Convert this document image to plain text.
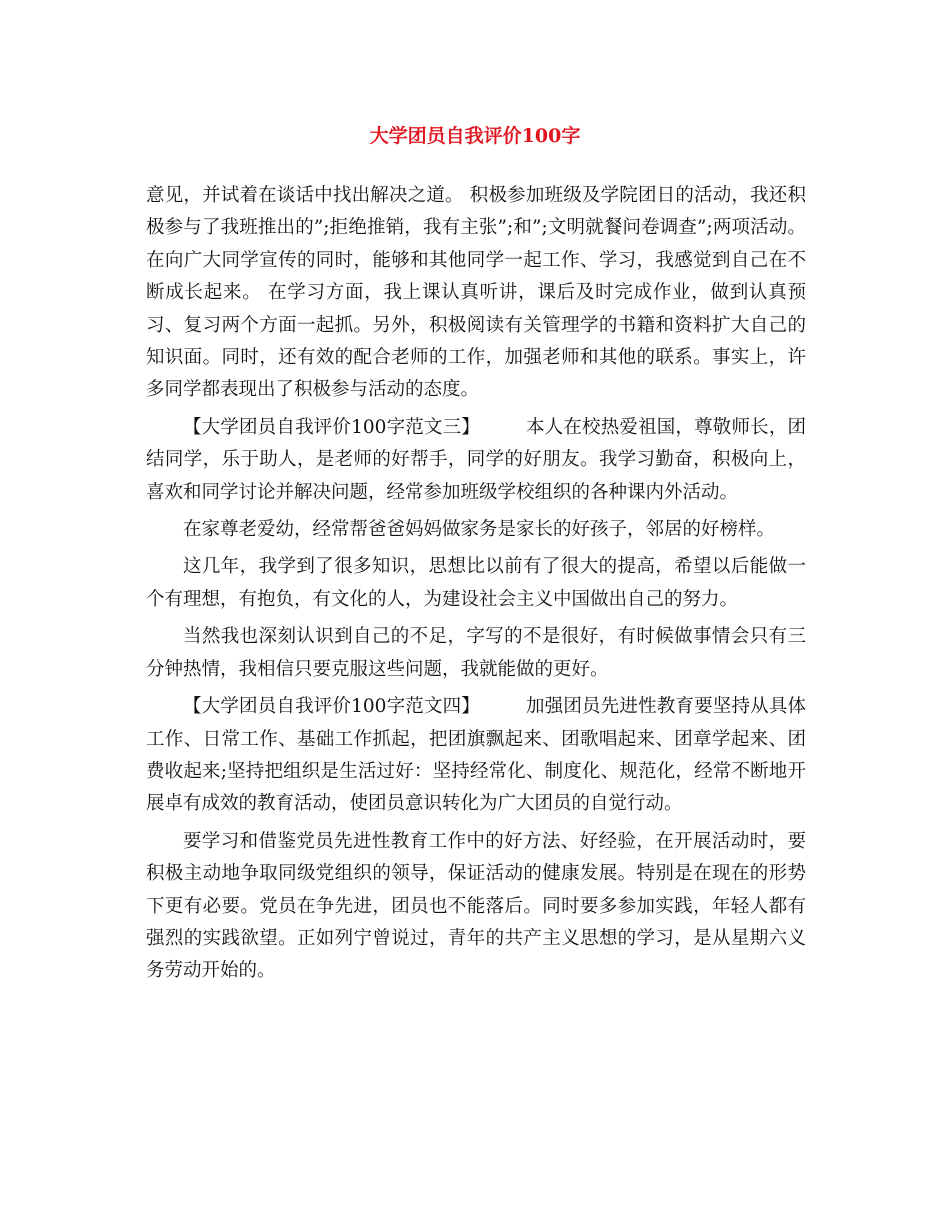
大学团员自我评价100字

意见，并试着在谈话中找出解决之道。 积极参加班级及学院团日的活动，我还积极参与了我班推出的”;拒绝推销，我有主张”;和”;文明就餐问卷调查”;两项活动。在向广大同学宣传的同时，能够和其他同学一起工作、学习，我感觉到自己在不断成长起来。 在学习方面，我上课认真听讲，课后及时完成作业，做到认真预习、复习两个方面一起抓。另外，积极阅读有关管理学的书籍和资料扩大自己的知识面。同时，还有效的配合老师的工作，加强老师和其他的联系。事实上，许多同学都表现出了积极参与活动的态度。

【大学团员自我评价100字范文三】 本人在校热爱祖国，尊敬师长，团结同学，乐于助人，是老师的好帮手，同学的好朋友。我学习勤奋，积极向上，喜欢和同学讨论并解决问题，经常参加班级学校组织的各种课内外活动。

在家尊老爱幼，经常帮爸爸妈妈做家务是家长的好孩子，邻居的好榜样。

这几年，我学到了很多知识，思想比以前有了很大的提高，希望以后能做一个有理想，有抱负，有文化的人，为建设社会主义中国做出自己的努力。

当然我也深刻认识到自己的不足，字写的不是很好，有时候做事情会只有三分钟热情，我相信只要克服这些问题，我就能做的更好。

【大学团员自我评价100字范文四】 加强团员先进性教育要坚持从具体工作、日常工作、基础工作抓起，把团旗飘起来、团歌唱起来、团章学起来、团费收起来;坚持把组织是生活过好：坚持经常化、制度化、规范化，经常不断地开展卓有成效的教育活动，使团员意识转化为广大团员的自觉行动。

要学习和借鉴党员先进性教育工作中的好方法、好经验，在开展活动时，要积极主动地争取同级党组织的领导，保证活动的健康发展。特别是在现在的形势下更有必要。党员在争先进，团员也不能落后。同时要多参加实践，年轻人都有强烈的实践欲望。正如列宁曾说过，青年的共产主义思想的学习，是从星期六义务劳动开始的。
